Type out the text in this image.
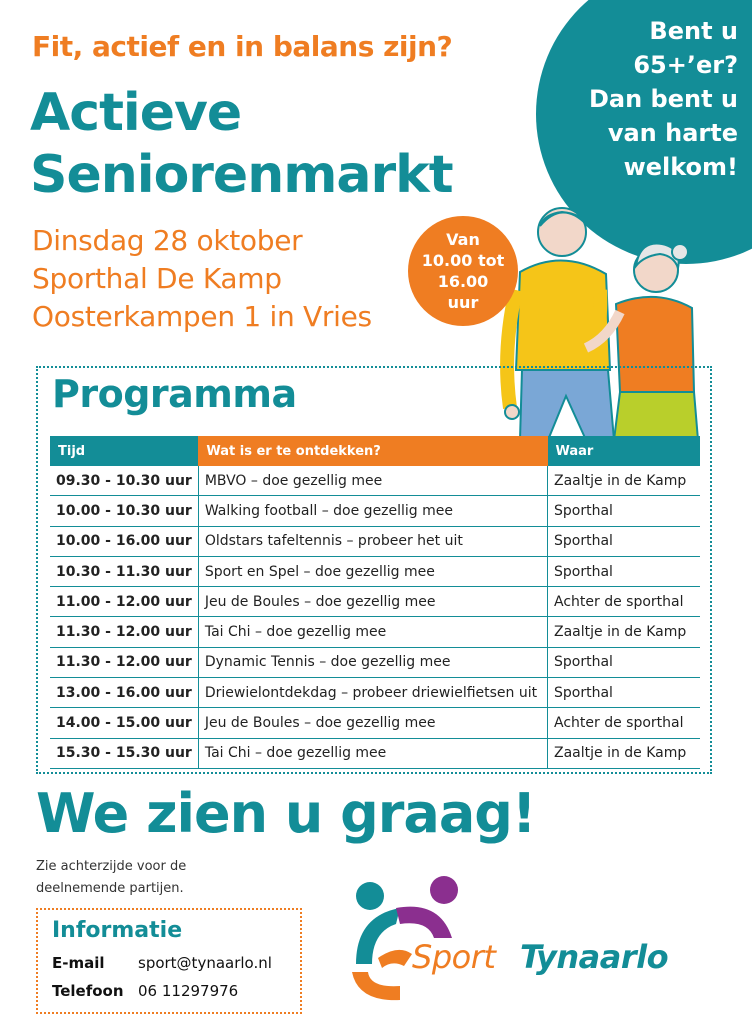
Fit, actief en in balans zijn?
Actieve
Seniorenmarkt
Dinsdag 28 oktober
Sporthal De Kamp
Oosterkampen 1 in Vries
Bent u
65+’er?
Dan bent u
van harte
welkom!
Van
10.00 tot
16.00
uur
Programma
Tijd	Wat is er te ontdekken?	Waar
09.30 - 10.30 uur	MBVO – doe gezellig mee	Zaaltje in de Kamp
10.00 - 10.30 uur	Walking football – doe gezellig mee	Sporthal
10.00 - 16.00 uur	Oldstars tafeltennis – probeer het uit	Sporthal
10.30 - 11.30 uur	Sport en Spel – doe gezellig mee	Sporthal
11.00 - 12.00 uur	Jeu de Boules – doe gezellig mee	Achter de sporthal
11.30 - 12.00 uur	Tai Chi – doe gezellig mee	Zaaltje in de Kamp
11.30 - 12.00 uur	Dynamic Tennis – doe gezellig mee	Sporthal
13.00 - 16.00 uur	Driewielontdekdag – probeer driewielfietsen uit	Sporthal
14.00 - 15.00 uur	Jeu de Boules – doe gezellig mee	Achter de sporthal
15.30 - 15.30 uur	Tai Chi – doe gezellig mee	Zaaltje in de Kamp
We zien u graag!
Zie achterzijde voor de deelnemende partijen.
Informatie
E-mail sport@tynaarlo.nl
Telefoon 06 11297976
Sport Tynaarlo
